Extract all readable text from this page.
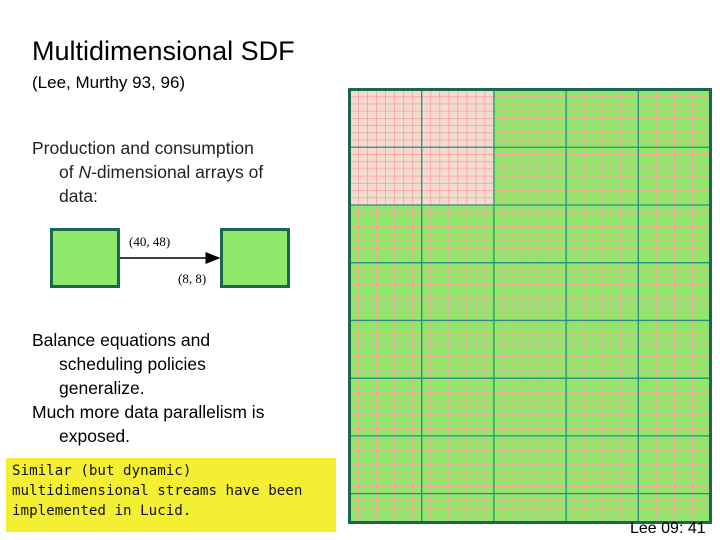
Multidimensional SDF
(Lee, Murthy 93, 96)
Production and consumption
of N-dimensional arrays of
data:
(40, 48)
(8, 8)
Balance equations and
scheduling policies
generalize.
Much more data parallelism is
exposed.
Similar (but dynamic)
multidimensional streams have been
implemented in Lucid.
Lee 09: 41
